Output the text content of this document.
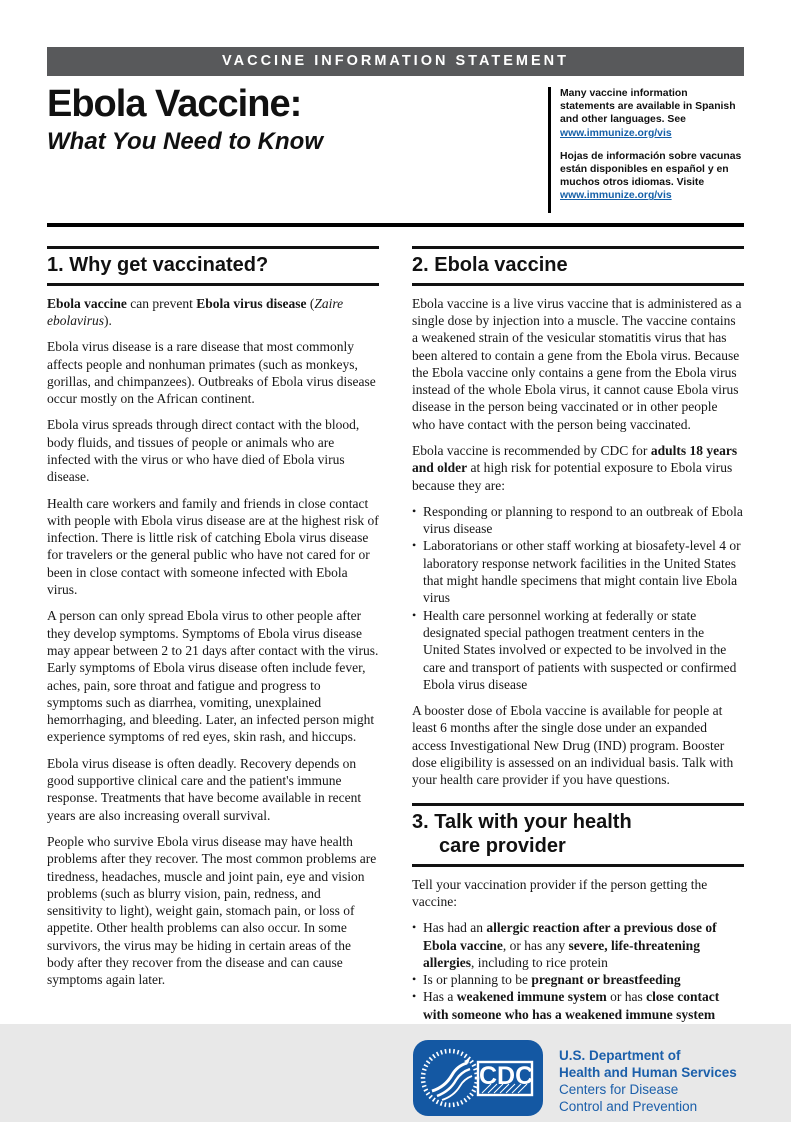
VACCINE INFORMATION STATEMENT
Ebola Vaccine:
What You Need to Know

Many vaccine information statements are available in Spanish and other languages. See www.immunize.org/vis

Hojas de información sobre vacunas están disponibles en español y en muchos otros idiomas. Visite www.immunize.org/vis

1. Why get vaccinated?

Ebola vaccine can prevent Ebola virus disease (Zaire ebolavirus).

Ebola virus disease is a rare disease that most commonly affects people and nonhuman primates (such as monkeys, gorillas, and chimpanzees). Outbreaks of Ebola virus disease occur mostly on the African continent.

Ebola virus spreads through direct contact with the blood, body fluids, and tissues of people or animals who are infected with the virus or who have died of Ebola virus disease.

Health care workers and family and friends in close contact with people with Ebola virus disease are at the highest risk of infection. There is little risk of catching Ebola virus disease for travelers or the general public who have not cared for or been in close contact with someone infected with Ebola virus.

A person can only spread Ebola virus to other people after they develop symptoms. Symptoms of Ebola virus disease may appear between 2 to 21 days after contact with the virus. Early symptoms of Ebola virus disease often include fever, aches, pain, sore throat and fatigue and progress to symptoms such as diarrhea, vomiting, unexplained hemorrhaging, and bleeding. Later, an infected person might experience symptoms of red eyes, skin rash, and hiccups.

Ebola virus disease is often deadly. Recovery depends on good supportive clinical care and the patient's immune response. Treatments that have become available in recent years are also increasing overall survival.

People who survive Ebola virus disease may have health problems after they recover. The most common problems are tiredness, headaches, muscle and joint pain, eye and vision problems (such as blurry vision, pain, redness, and sensitivity to light), weight gain, stomach pain, or loss of appetite. Other health problems can also occur. In some survivors, the virus may be hiding in certain areas of the body after they recover from the disease and can cause symptoms again later.

2. Ebola vaccine

Ebola vaccine is a live virus vaccine that is administered as a single dose by injection into a muscle. The vaccine contains a weakened strain of the vesicular stomatitis virus that has been altered to contain a gene from the Ebola virus. Because the Ebola vaccine only contains a gene from the Ebola virus instead of the whole Ebola virus, it cannot cause Ebola virus disease in the person being vaccinated or in other people who have contact with the person being vaccinated.

Ebola vaccine is recommended by CDC for adults 18 years and older at high risk for potential exposure to Ebola virus because they are:

• Responding or planning to respond to an outbreak of Ebola virus disease
• Laboratorians or other staff working at biosafety-level 4 or laboratory response network facilities in the United States that might handle specimens that might contain live Ebola virus
• Health care personnel working at federally or state designated special pathogen treatment centers in the United States involved or expected to be involved in the care and transport of patients with suspected or confirmed Ebola virus disease

A booster dose of Ebola vaccine is available for people at least 6 months after the single dose under an expanded access Investigational New Drug (IND) program. Booster dose eligibility is assessed on an individual basis. Talk with your health care provider if you have questions.

3. Talk with your health
care provider

Tell your vaccination provider if the person getting the vaccine:

• Has had an allergic reaction after a previous dose of Ebola vaccine, or has any severe, life-threatening allergies, including to rice protein
• Is or planning to be pregnant or breastfeeding
• Has a weakened immune system or has close contact with someone who has a weakened immune system
CDC
U.S. Department of
Health and Human Services
Centers for Disease
Control and Prevention
